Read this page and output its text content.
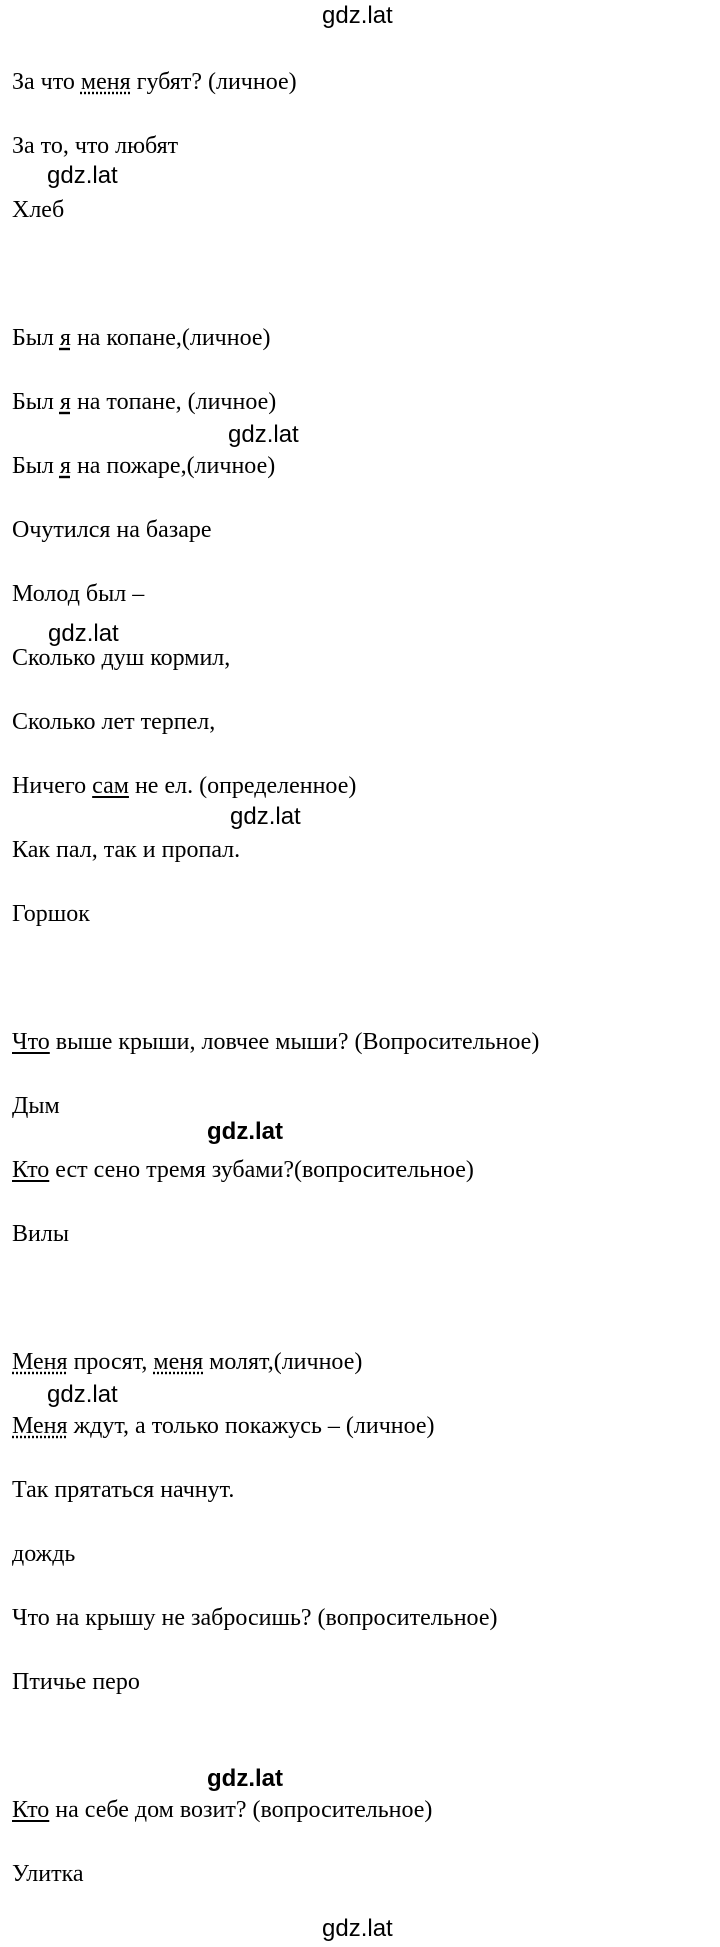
gdz.lat
gdz.lat
gdz.lat
gdz.lat
gdz.lat
gdz.lat
gdz.lat
gdz.lat
gdz.lat
За что меня губят? (личное)
За то, что любят
Хлеб
Был я на копане,(личное)
Был я на топане, (личное)
Был я на пожаре,(личное)
Очутился на базаре
Молод был –
Сколько душ кормил,
Сколько лет терпел,
Ничего сам не ел. (определенное)
Как пал, так и пропал.
Горшок
Что выше крыши, ловчее мыши? (Вопросительное)
Дым
Кто ест сено тремя зубами?(вопросительное)
Вилы
Меня просят, меня молят,(личное)
Меня ждут, а только покажусь – (личное)
Так прятаться начнут.
дождь
Что на крышу не забросишь? (вопросительное)
Птичье перо
Кто на себе дом возит? (вопросительное)
Улитка
